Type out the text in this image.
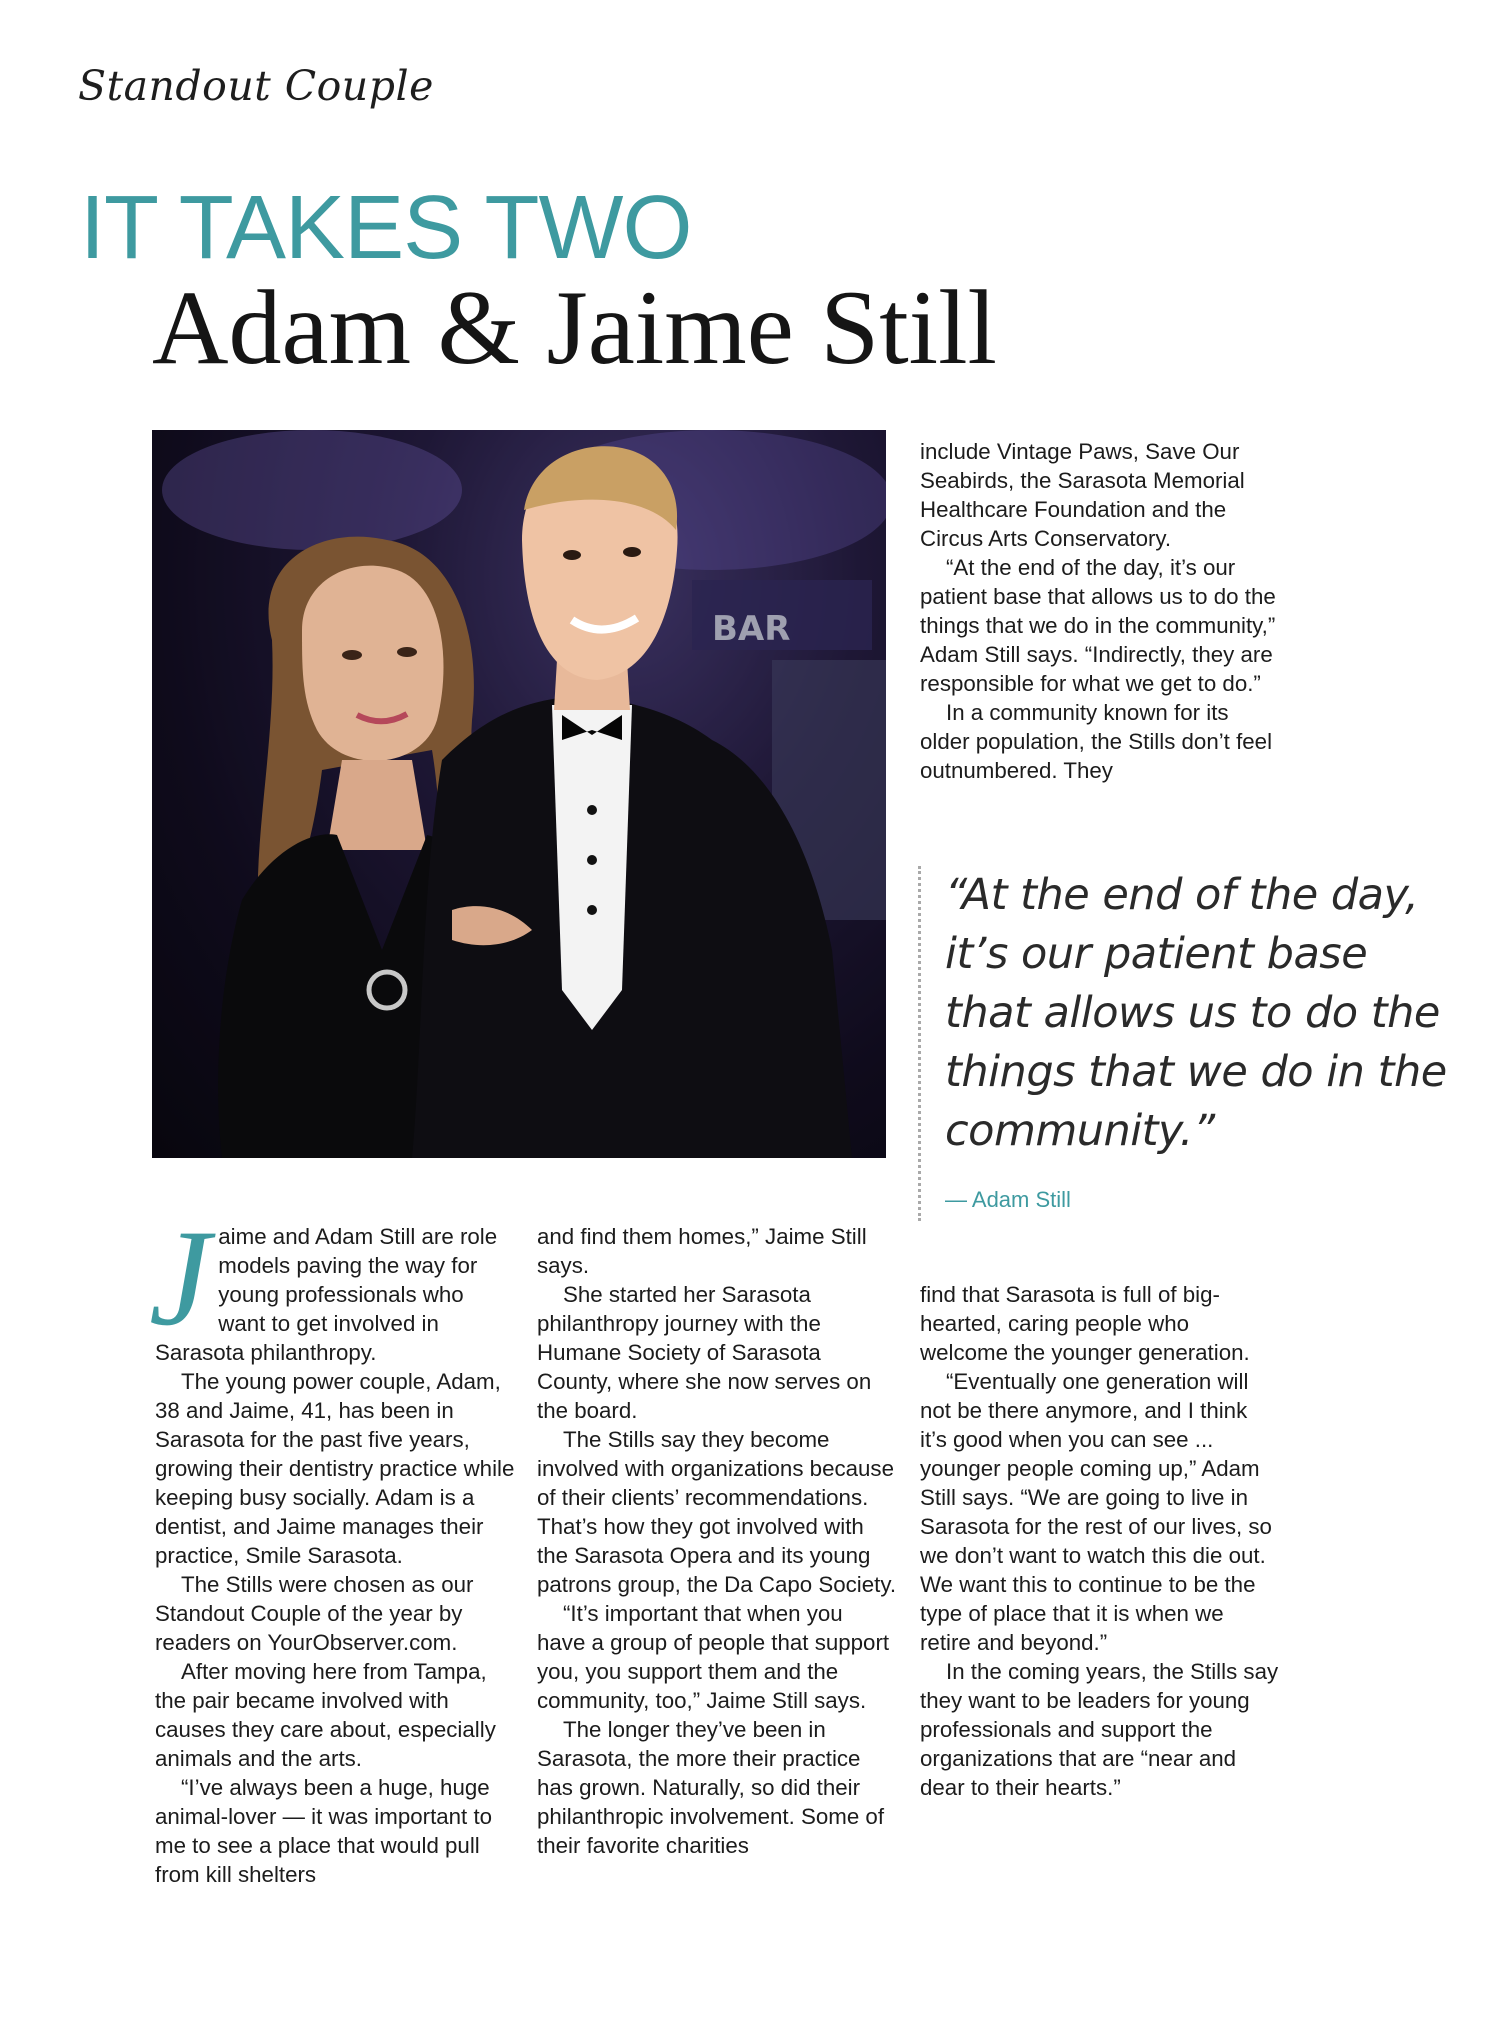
Standout Couple
IT TAKES TWO
Adam & Jaime Still
BAR

Jaime and Adam Still are role models paving the way for young professionals who want to get involved in Sarasota philanthropy.

The young power couple, Adam, 38 and Jaime, 41, has been in Sarasota for the past five years, growing their dentistry practice while keeping busy socially. Adam is a dentist, and Jaime manages their practice, Smile Sarasota.

The Stills were chosen as our Standout Couple of the year by readers on YourObserver.com.

After moving here from Tampa, the pair became involved with causes they care about, especially animals and the arts.

“I’ve always been a huge, huge animal-lover — it was important to me to see a place that would pull from kill shelters

and find them homes,” Jaime Still says.

She started her Sarasota philanthropy journey with the Humane Society of Sarasota County, where she now serves on the board.

The Stills say they become involved with organizations because of their clients’ recommendations. That’s how they got involved with the Sarasota Opera and its young patrons group, the Da Capo Society.

“It’s important that when you have a group of people that support you, you support them and the community, too,” Jaime Still says.

The longer they’ve been in Sarasota, the more their practice has grown. Naturally, so did their philanthropic involvement. Some of their favorite charities

include Vintage Paws, Save Our Seabirds, the Sarasota Memorial Healthcare Foundation and the Circus Arts Conservatory.

“At the end of the day, it’s our patient base that allows us to do the things that we do in the community,” Adam Still says. “Indirectly, they are responsible for what we get to do.”

In a community known for its older population, the Stills don’t feel outnumbered. They

“At the end of the day, it’s our patient base that allows us to do the things that we do in the community.”

— Adam Still

find that Sarasota is full of big-hearted, caring people who welcome the younger generation.

“Eventually one generation will not be there anymore, and I think it’s good when you can see ... younger people coming up,” Adam Still says. “We are going to live in Sarasota for the rest of our lives, so we don’t want to watch this die out. We want this to continue to be the type of place that it is when we retire and beyond.”

In the coming years, the Stills say they want to be leaders for young professionals and support the organizations that are “near and dear to their hearts.”
